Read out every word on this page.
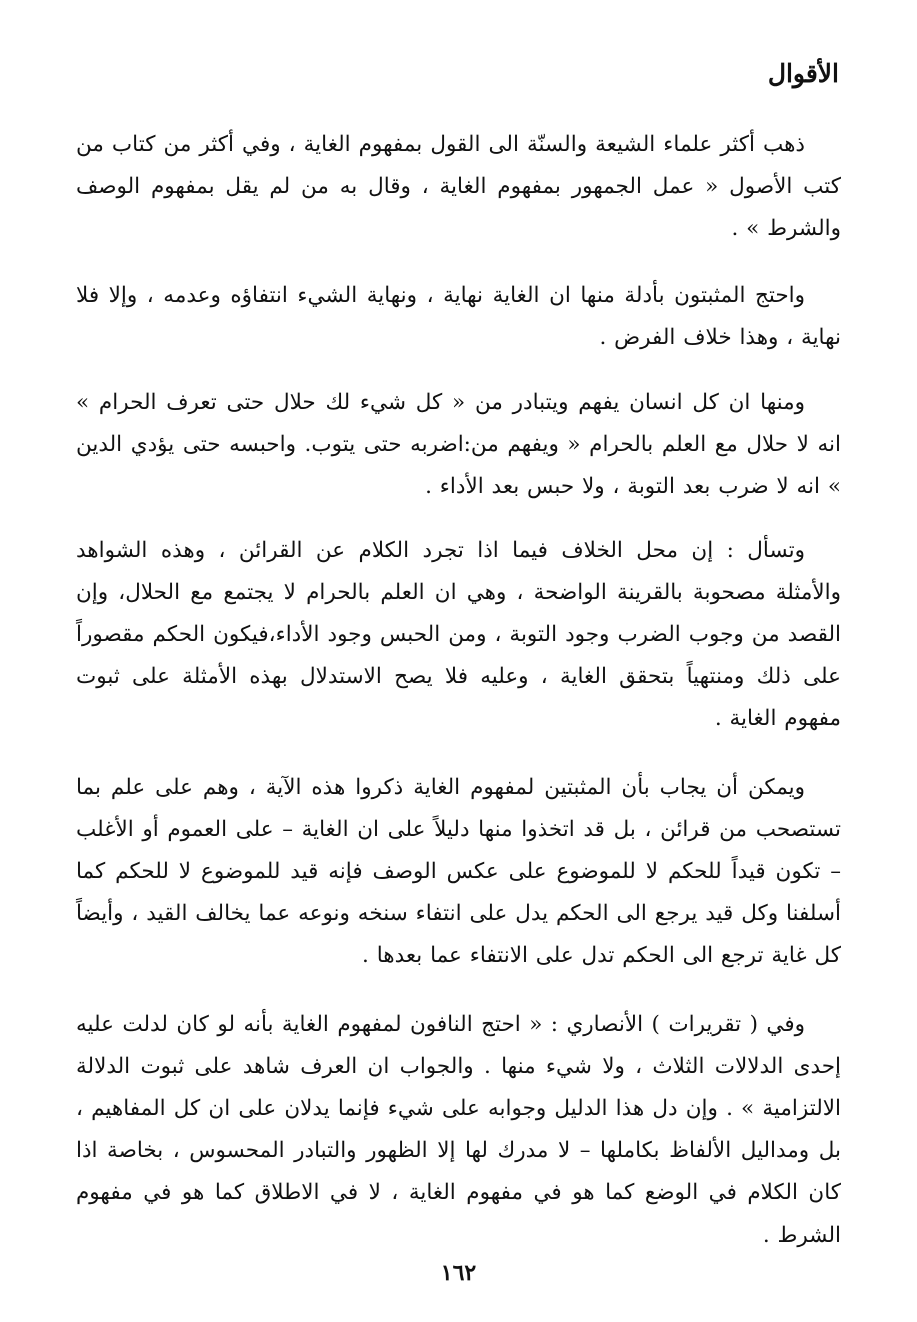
الأقوال

ذهب أكثر علماء الشيعة والسنّة الى القول بمفهوم الغاية ، وفي أكثر من كتاب من كتب الأصول « عمل الجمهور بمفهوم الغاية ، وقال به من لم يقل بمفهوم الوصف والشرط » .

واحتج المثبتون بأدلة منها ان الغاية نهاية ، ونهاية الشيء انتفاؤه وعدمه ، وإلا فلا نهاية ، وهذا خلاف الفرض .

ومنها ان كل انسان يفهم ويتبادر من « كل شيء لك حلال حتى تعرف الحرام » انه لا حلال مع العلم بالحرام « ويفهم من:اضربه حتى يتوب. واحبسه حتى يؤدي الدين » انه لا ضرب بعد التوبة ، ولا حبس بعد الأداء .

وتسأل : إن محل الخلاف فيما اذا تجرد الكلام عن القرائن ، وهذه الشواهد والأمثلة مصحوبة بالقرينة الواضحة ، وهي ان العلم بالحرام لا يجتمع مع الحلال، وإن القصد من وجوب الضرب وجود التوبة ، ومن الحبس وجود الأداء،فيكون الحكم مقصوراً على ذلك ومنتهياً بتحقق الغاية ، وعليه فلا يصح الاستدلال بهذه الأمثلة على ثبوت مفهوم الغاية .

ويمكن أن يجاب بأن المثبتين لمفهوم الغاية ذكروا هذه الآية ، وهم على علم بما تستصحب من قرائن ، بل قد اتخذوا منها دليلاً على ان الغاية – على العموم أو الأغلب – تكون قيداً للحكم لا للموضوع على عكس الوصف فإنه قيد للموضوع لا للحكم كما أسلفنا وكل قيد يرجع الى الحكم يدل على انتفاء سنخه ونوعه عما يخالف القيد ، وأيضاً كل غاية ترجع الى الحكم تدل على الانتفاء عما بعدها .

وفي ( تقريرات ) الأنصاري : « احتج النافون لمفهوم الغاية بأنه لو كان لدلت عليه إحدى الدلالات الثلاث ، ولا شيء منها . والجواب ان العرف شاهد على ثبوت الدلالة الالتزامية » . وإن دل هذا الدليل وجوابه على شيء فإنما يدلان على ان كل المفاهيم ، بل ومداليل الألفاظ بكاملها – لا مدرك لها إلا الظهور والتبادر المحسوس ، بخاصة اذا كان الكلام في الوضع كما هو في مفهوم الغاية ، لا في الاطلاق كما هو في مفهوم الشرط .

١٦٢
